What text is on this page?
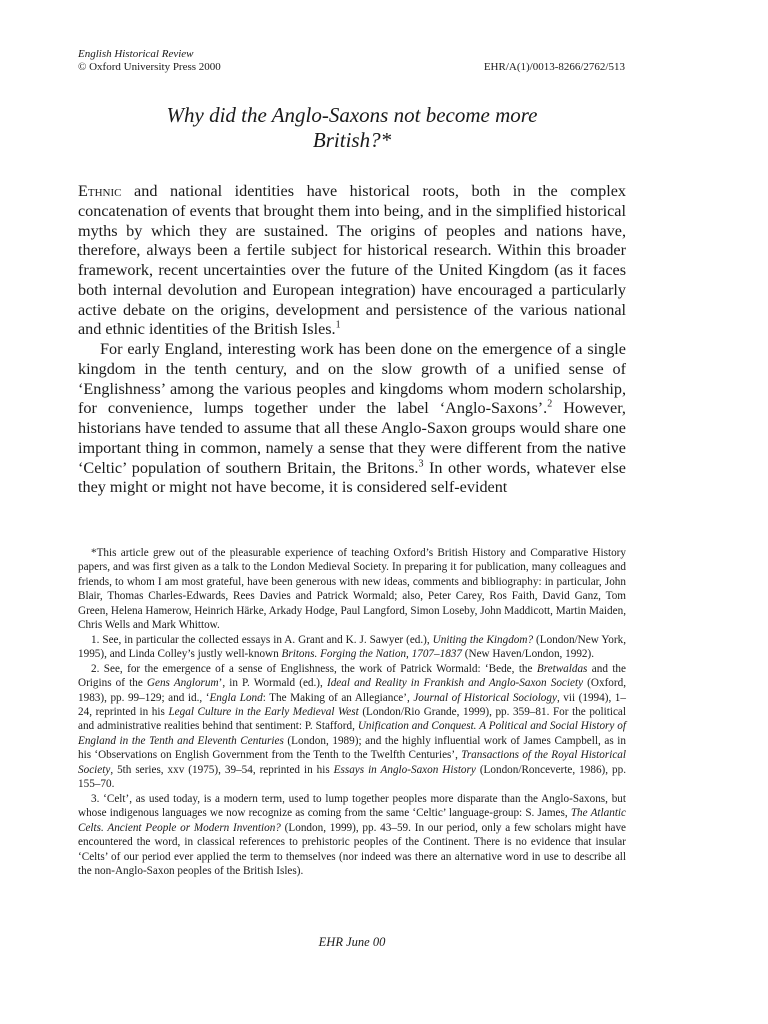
English Historical Review
© Oxford University Press 2000	EHR/A(1)/0013-8266/2762/513
Why did the Anglo-Saxons not become more
British?*

Ethnic and national identities have historical roots, both in the complex concatenation of events that brought them into being, and in the simplified historical myths by which they are sustained. The origins of peoples and nations have, therefore, always been a fertile subject for historical research. Within this broader framework, recent uncertainties over the future of the United Kingdom (as it faces both internal devolution and European integration) have encouraged a particularly active debate on the origins, development and persistence of the various national and ethnic identities of the British Isles.$^1$

For early England, interesting work has been done on the emergence of a single kingdom in the tenth century, and on the slow growth of a unified sense of ‘Englishness’ among the various peoples and kingdoms whom modern scholarship, for convenience, lumps together under the label ‘Anglo-Saxons’.$^2$ However, historians have tended to assume that all these Anglo-Saxon groups would share one important thing in common, namely a sense that they were different from the native ‘Celtic’ population of southern Britain, the Britons.$^3$ In other words, whatever else they might or might not have become, it is considered self-evident

*This article grew out of the pleasurable experience of teaching Oxford’s British History and Comparative History papers, and was first given as a talk to the London Medieval Society. In preparing it for publication, many colleagues and friends, to whom I am most grateful, have been generous with new ideas, comments and bibliography: in particular, John Blair, Thomas Charles-Edwards, Rees Davies and Patrick Wormald; also, Peter Carey, Ros Faith, David Ganz, Tom Green, Helena Hamerow, Heinrich Härke, Arkady Hodge, Paul Langford, Simon Loseby, John Maddicott, Martin Maiden, Chris Wells and Mark Whittow.

1. See, in particular the collected essays in A. Grant and K. J. Sawyer (ed.), Uniting the Kingdom? (London/New York, 1995), and Linda Colley’s justly well-known Britons. Forging the Nation, 1707–1837 (New Haven/London, 1992).

2. See, for the emergence of a sense of Englishness, the work of Patrick Wormald: ‘Bede, the Bretwaldas and the Origins of the Gens Anglorum’, in P. Wormald (ed.), Ideal and Reality in Frankish and Anglo-Saxon Society (Oxford, 1983), pp. 99–129; and id., ‘Engla Lond: The Making of an Allegiance’, Journal of Historical Sociology, vii (1994), 1–24, reprinted in his Legal Culture in the Early Medieval West (London/Rio Grande, 1999), pp. 359–81. For the political and administrative realities behind that sentiment: P. Stafford, Unification and Conquest. A Political and Social History of England in the Tenth and Eleventh Centuries (London, 1989); and the highly influential work of James Campbell, as in his ‘Observations on English Government from the Tenth to the Twelfth Centuries’, Transactions of the Royal Historical Society, 5th series, xxv (1975), 39–54, reprinted in his Essays in Anglo-Saxon History (London/Ronceverte, 1986), pp. 155–70.

3. ‘Celt’, as used today, is a modern term, used to lump together peoples more disparate than the Anglo-Saxons, but whose indigenous languages we now recognize as coming from the same ‘Celtic’ language-group: S. James, The Atlantic Celts. Ancient People or Modern Invention? (London, 1999), pp. 43–59. In our period, only a few scholars might have encountered the word, in classical references to prehistoric peoples of the Continent. There is no evidence that insular ‘Celts’ of our period ever applied the term to themselves (nor indeed was there an alternative word in use to describe all the non-Anglo-Saxon peoples of the British Isles).

EHR June 00
